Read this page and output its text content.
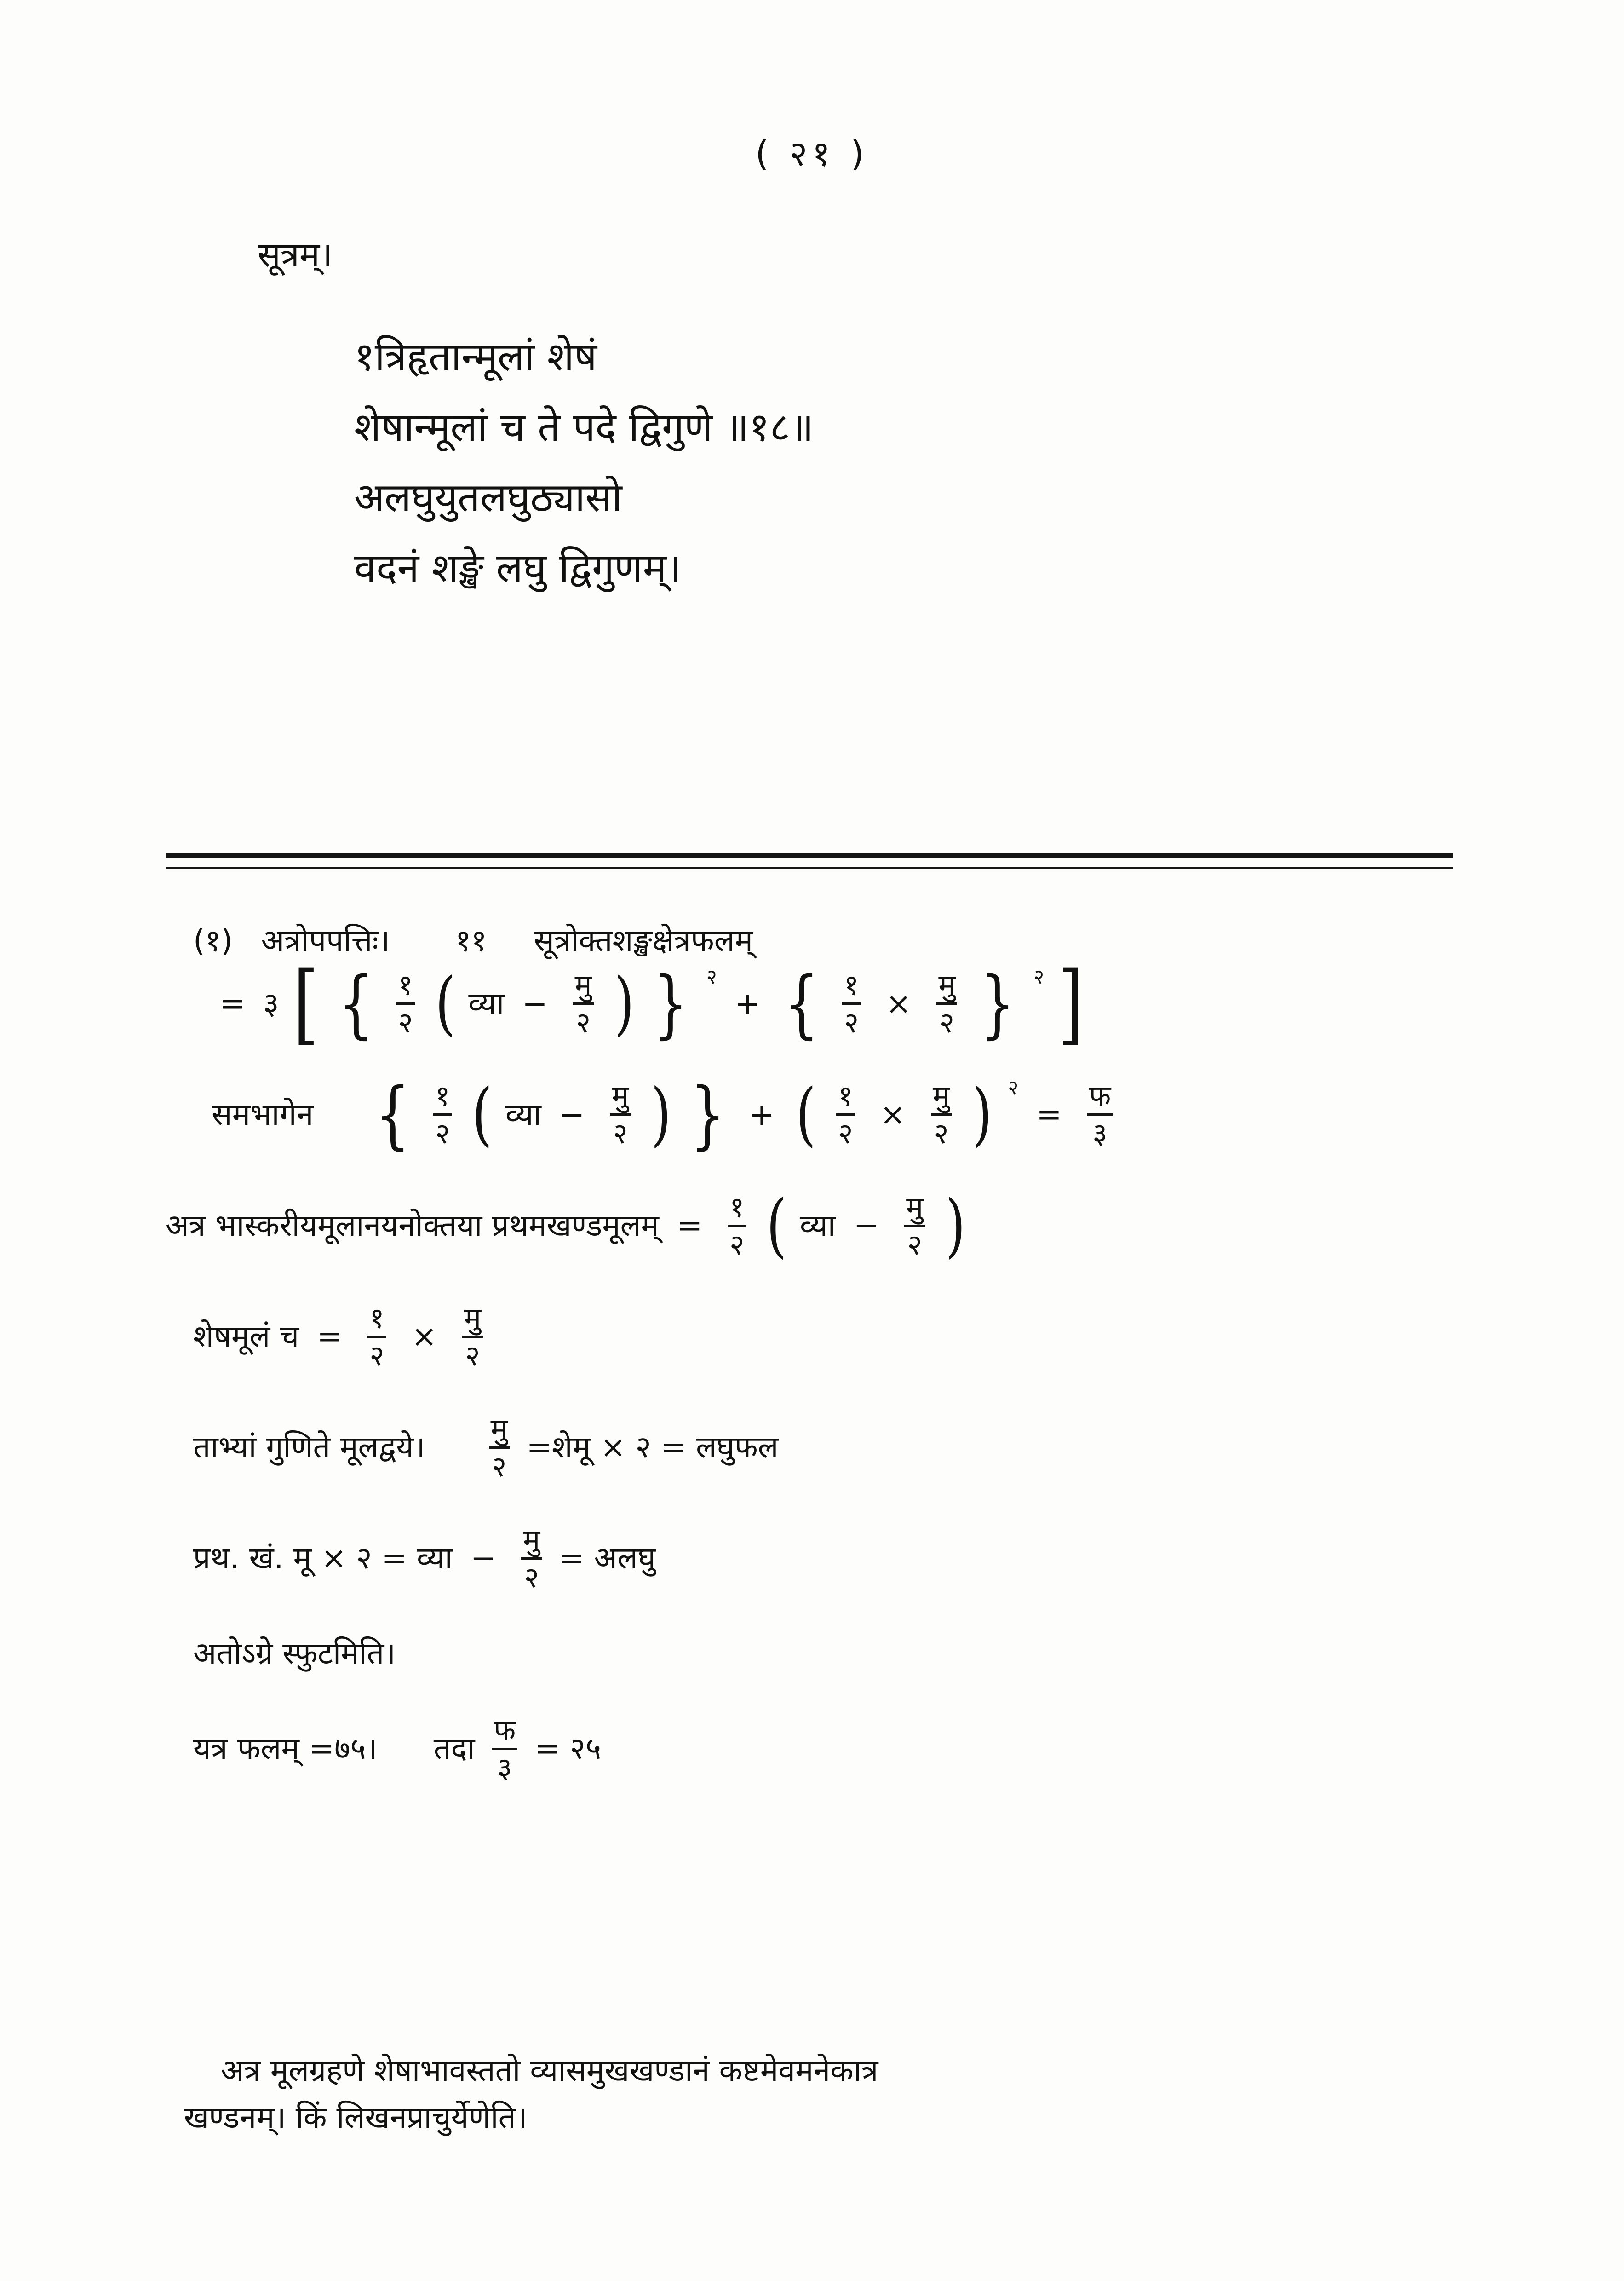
( २१ )
सूत्रम्।
१त्रिहृतान्मूलां शेषं
शेषान्मूलां च ते पदे द्विगुणे ॥१८॥
अलघुयुतलघुठ्यासो
वदनं शङ्खे लघु द्विगुणम्।
(१) अत्रोपपत्तिः। ११ सूत्रोक्तशङ्खक्षेत्रफलम्
= ३ [ { १
२ ( व्या −
मु
२ ) } २ + { १
२
×
मु
२ } २ ]
समभागेन { १
२ ( व्या −
मु
२ ) } + ( १
२
×
मु
२ ) २ =
फ
३
अत्र भास्करीयमूलानयनोक्तया प्रथमखण्डमूलम् =
१
२ ( व्या −
मु
२ )
शेषमूलं च =
१
२
×
मु
२
ताभ्यां गुणिते मूलद्वये।
मु
२
=शेमू × २ = लघुफल
प्रथ. खं. मू × २ = व्या −
मु
२
= अलघु
अतोऽग्रे स्फुटमिति।
यत्र फलम् =७५। तदा
फ
३
= २५
अत्र मूलग्रहणे शेषाभावस्ततो व्यासमुखखण्डानं कष्टमेवमनेकात्र
खण्डनम्। किं लिखनप्राचुर्येणेति।
